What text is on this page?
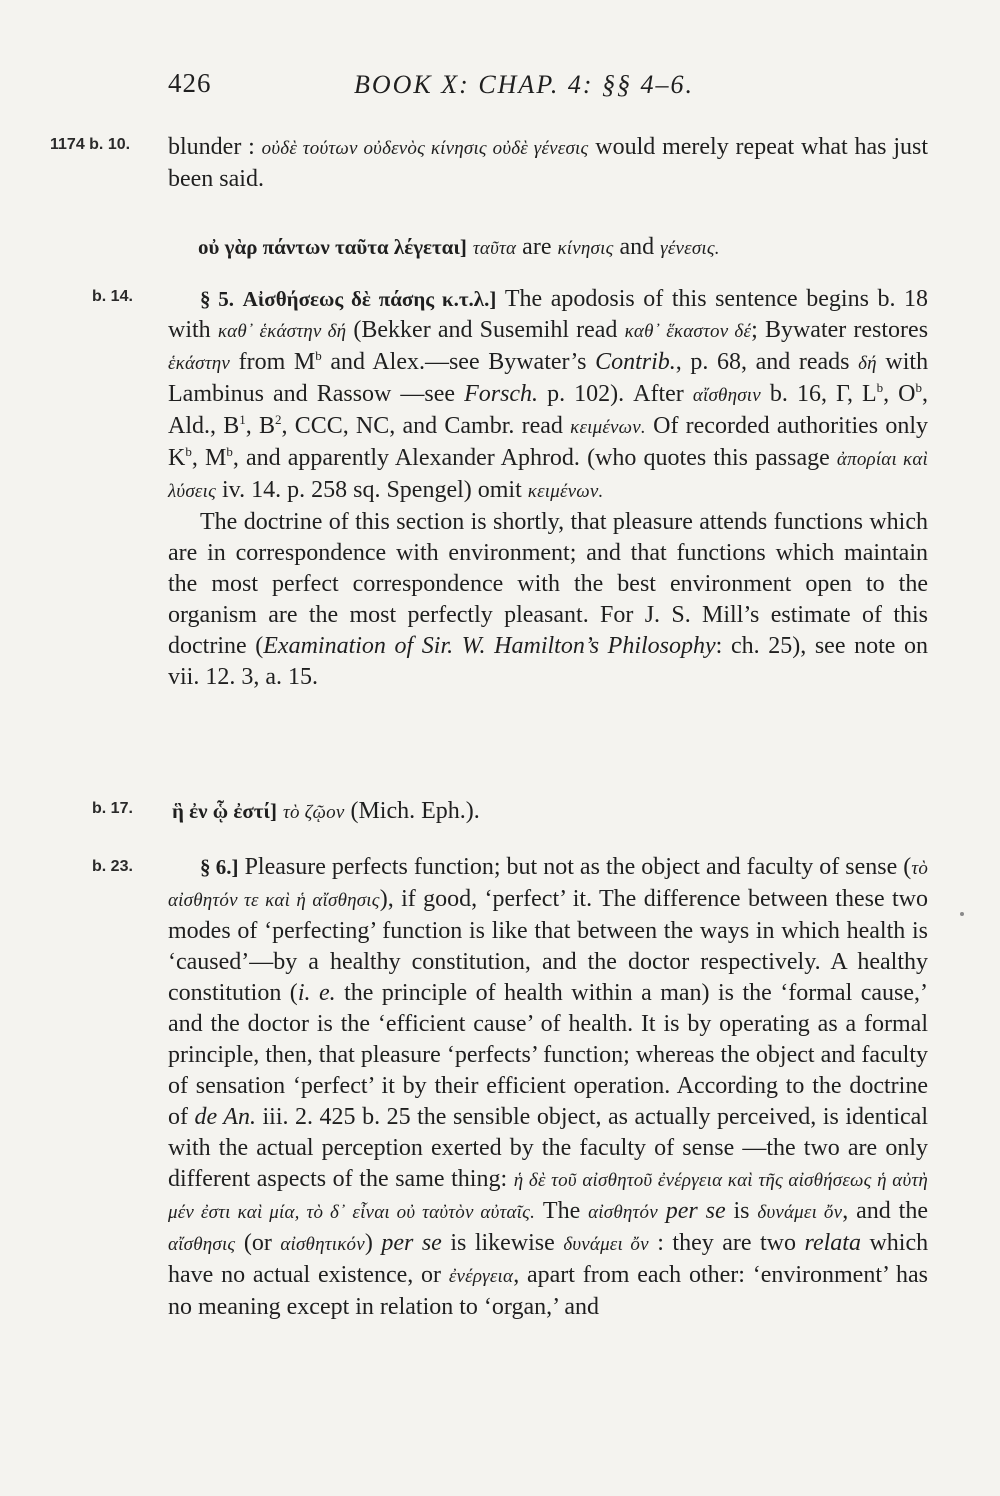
426	BOOK X: CHAP. 4: §§ 4–6.
1174 b. 10. blunder : οὐδὲ τούτων οὐδενὸς κίνησις οὐδὲ γένεσις would merely repeat what has just been said.

οὐ γὰρ πάντων ταῦτα λέγεται] ταῦτα are κίνησις and γένεσις.
b. 14.	§ 5. Αἰσθήσεως δὲ πάσης κ.τ.λ.] The apodosis of this sentence begins b. 18 with καθ᾽ ἑκάστην δή (Bekker and Susemihl read καθ᾽ ἕκαστον δέ; Bywater restores ἑκάστην from $M^b$ and Alex.—see Bywater’s Contrib., p. 68, and reads δή with Lambinus and Rassow —see Forsch. p. 102). After αἴσθησιν b. 16, Γ, $L^b$, $O^b$, Ald., $B^1$, $B^2$, CCC, NC, and Cambr. read κειμένων. Of recorded authorities only $K^b$, $M^b$, and apparently Alexander Aphrod. (who quotes this passage ἀπορίαι καὶ λύσεις iv. 14. p. 258 sq. Spengel) omit κειμένων.

The doctrine of this section is shortly, that pleasure attends functions which are in correspondence with environment; and that functions which maintain the most perfect correspondence with the best environment open to the organism are the most perfectly pleasant. For J. S. Mill’s estimate of this doctrine (Examination of Sir. W. Hamilton’s Philosophy: ch. 25), see note on vii. 12. 3, a. 15.

b. 17. ἣ ἐν ᾧ ἐστί] τὸ ζῷον (Mich. Eph.).
b. 23.	§ 6.] Pleasure perfects function; but not as the object and faculty of sense (τὸ αἰσθητόν τε καὶ ἡ αἴσθησις), if good, ‘perfect’ it. The difference between these two modes of ‘perfecting’ function is like that between the ways in which health is ‘caused’—by a healthy constitution, and the doctor respectively. A healthy constitution (i. e. the principle of health within a man) is the ‘formal cause,’ and the doctor is the ‘efficient cause’ of health. It is by operating as a formal principle, then, that pleasure ‘perfects’ function; whereas the object and faculty of sensation ‘perfect’ it by their efficient operation. According to the doctrine of de An. iii. 2. 425 b. 25 the sensible object, as actually perceived, is identical with the actual perception exerted by the faculty of sense —the two are only different aspects of the same thing: ἡ δὲ τοῦ αἰσθητοῦ ἐνέργεια καὶ τῆς αἰσθήσεως ἡ αὐτὴ μέν ἐστι καὶ μία, τὸ δ᾽ εἶναι οὐ ταὐτὸν αὐταῖς. The αἰσθητόν per se is δυνάμει ὄν, and the αἴσθησις (or αἰσθητικόν) per se is likewise δυνάμει ὄν : they are two relata which have no actual existence, or ἐνέργεια, apart from each other: ‘environment’ has no meaning except in relation to ‘organ,’ and
